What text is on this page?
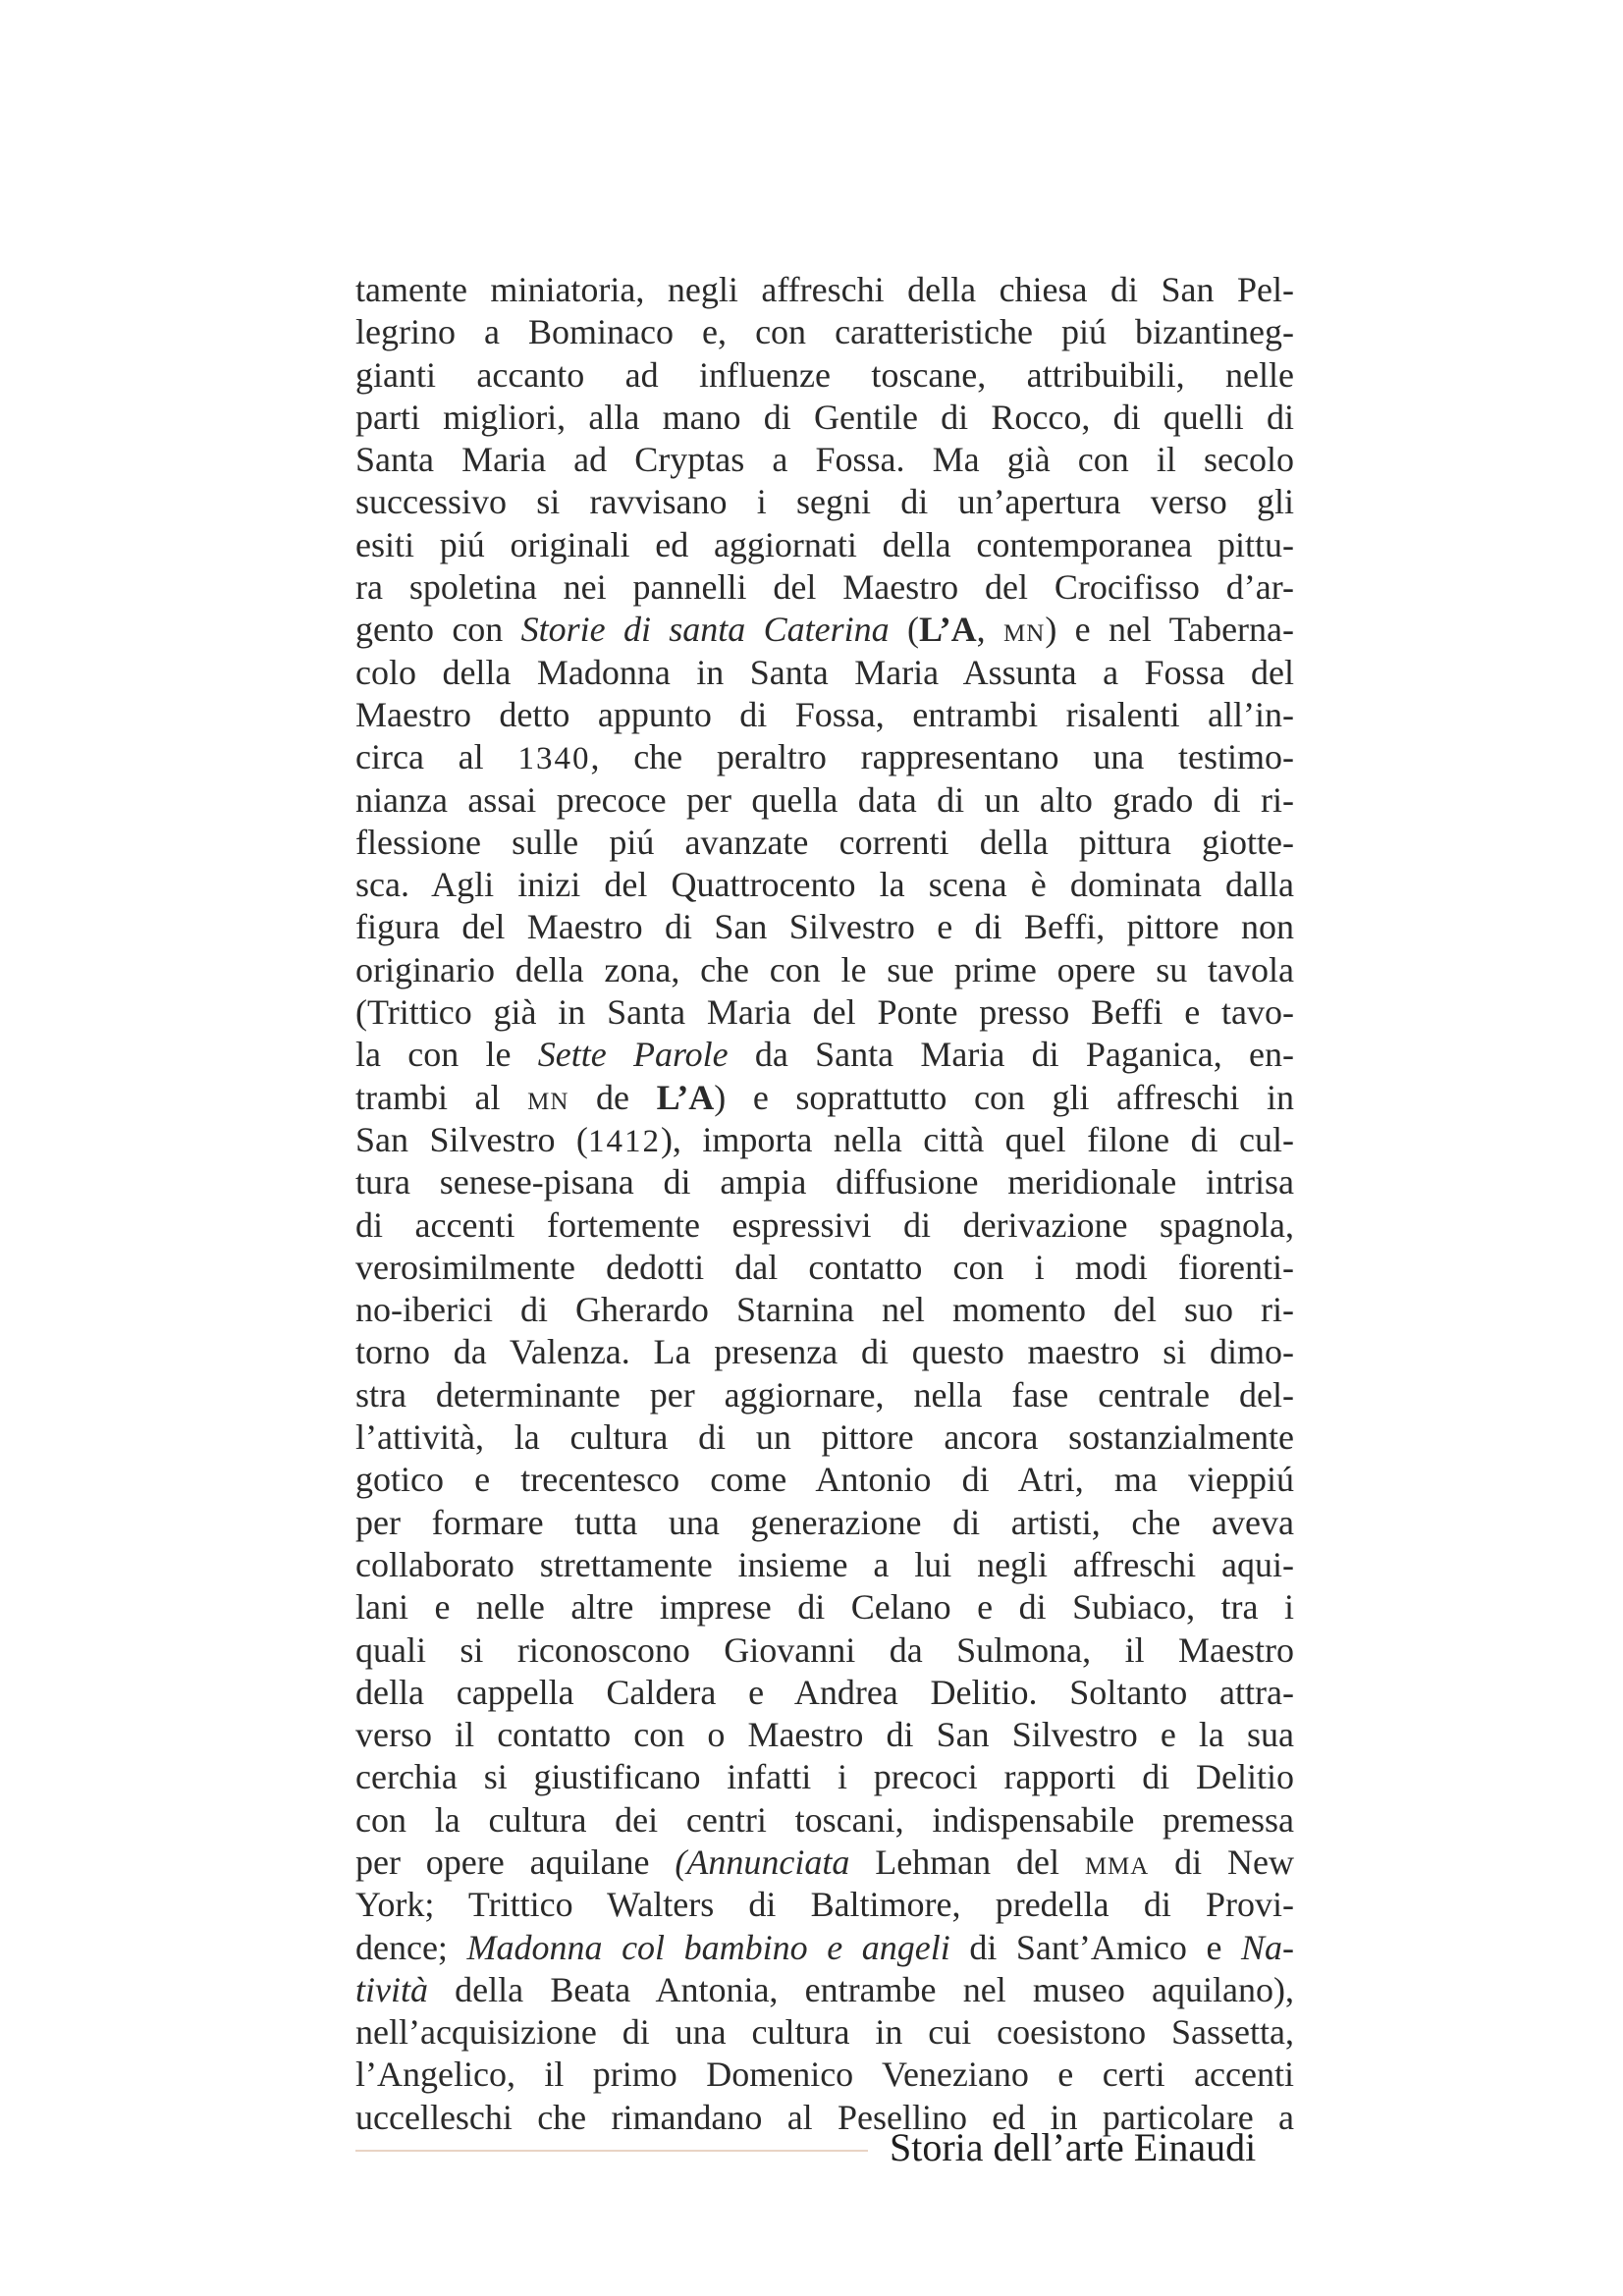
tamente miniatoria, negli affreschi della chiesa di San Pel-
legrino a Bominaco e, con caratteristiche piú bizantineg-
gianti accanto ad influenze toscane, attribuibili, nelle
parti migliori, alla mano di Gentile di Rocco, di quelli di
Santa Maria ad Cryptas a Fossa. Ma già con il secolo
successivo si ravvisano i segni di un’apertura verso gli
esiti piú originali ed aggiornati della contemporanea pittu-
ra spoletina nei pannelli del Maestro del Crocifisso d’ar-
gento con Storie di santa Caterina (L’A, mn) e nel Taberna-
colo della Madonna in Santa Maria Assunta a Fossa del
Maestro detto appunto di Fossa, entrambi risalenti all’in-
circa al 1340, che peraltro rappresentano una testimo-
nianza assai precoce per quella data di un alto grado di ri-
flessione sulle piú avanzate correnti della pittura giotte-
sca. Agli inizi del Quattrocento la scena è dominata dalla
figura del Maestro di San Silvestro e di Beffi, pittore non
originario della zona, che con le sue prime opere su tavola
(Trittico già in Santa Maria del Ponte presso Beffi e tavo-
la con le Sette Parole da Santa Maria di Paganica, en-
trambi al mn de L’A) e soprattutto con gli affreschi in
San Silvestro (1412), importa nella città quel filone di cul-
tura senese-pisana di ampia diffusione meridionale intrisa
di accenti fortemente espressivi di derivazione spagnola,
verosimilmente dedotti dal contatto con i modi fiorenti-
no-iberici di Gherardo Starnina nel momento del suo ri-
torno da Valenza. La presenza di questo maestro si dimo-
stra determinante per aggiornare, nella fase centrale del-
l’attività, la cultura di un pittore ancora sostanzialmente
gotico e trecentesco come Antonio di Atri, ma vieppiú
per formare tutta una generazione di artisti, che aveva
collaborato strettamente insieme a lui negli affreschi aqui-
lani e nelle altre imprese di Celano e di Subiaco, tra i
quali si riconoscono Giovanni da Sulmona, il Maestro
della cappella Caldera e Andrea Delitio. Soltanto attra-
verso il contatto con o Maestro di San Silvestro e la sua
cerchia si giustificano infatti i precoci rapporti di Delitio
con la cultura dei centri toscani, indispensabile premessa
per opere aquilane (Annunciata Lehman del mma di New
York; Trittico Walters di Baltimore, predella di Provi-
dence; Madonna col bambino e angeli di Sant’Amico e Na-
tività della Beata Antonia, entrambe nel museo aquilano),
nell’acquisizione di una cultura in cui coesistono Sassetta,
l’Angelico, il primo Domenico Veneziano e certi accenti
uccelleschi che rimandano al Pesellino ed in particolare a
Storia dell’arte Einaudi
